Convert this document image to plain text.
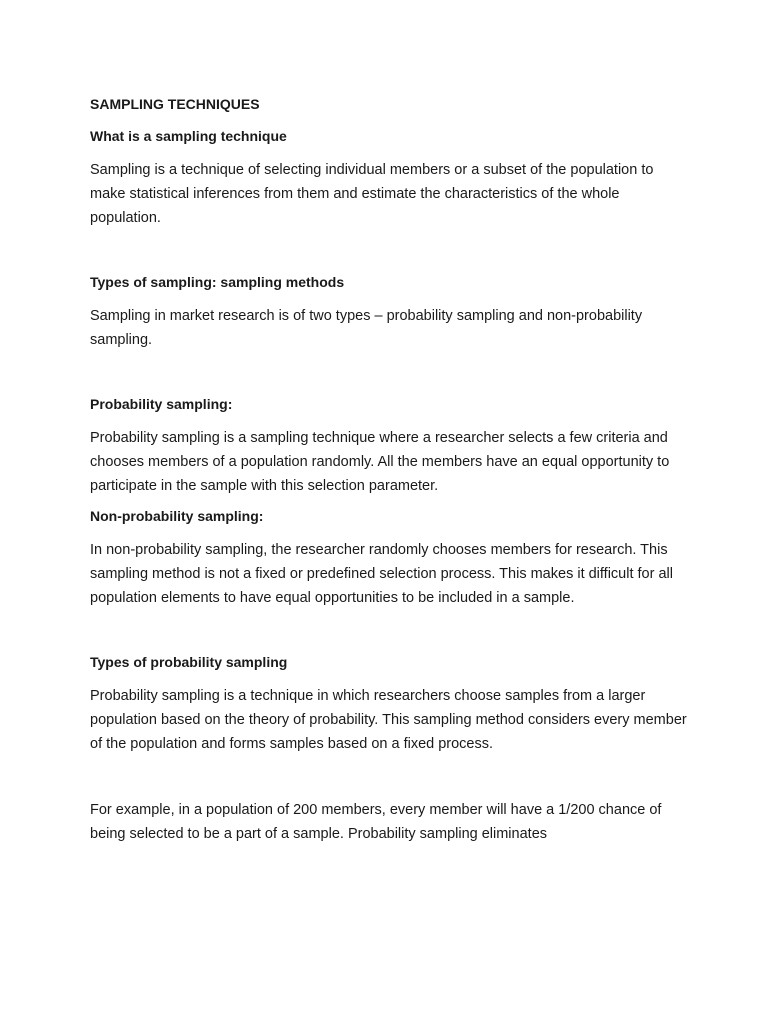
SAMPLING TECHNIQUES
What is a sampling technique

Sampling is a technique of selecting individual members or a subset of the population to make statistical inferences from them and estimate the characteristics of the whole population.

Types of sampling: sampling methods

Sampling in market research is of two types – probability sampling and non-probability sampling.

Probability sampling:

Probability sampling is a sampling technique where a researcher selects a few criteria and chooses members of a population randomly. All the members have an equal opportunity to participate in the sample with this selection parameter.

Non-probability sampling:

In non-probability sampling, the researcher randomly chooses members for research. This sampling method is not a fixed or predefined selection process. This makes it difficult for all population elements to have equal opportunities to be included in a sample.

Types of probability sampling

Probability sampling is a technique in which researchers choose samples from a larger population based on the theory of probability. This sampling method considers every member of the population and forms samples based on a fixed process.

For example, in a population of 200 members, every member will have a 1/200 chance of being selected to be a part of a sample. Probability sampling eliminates
